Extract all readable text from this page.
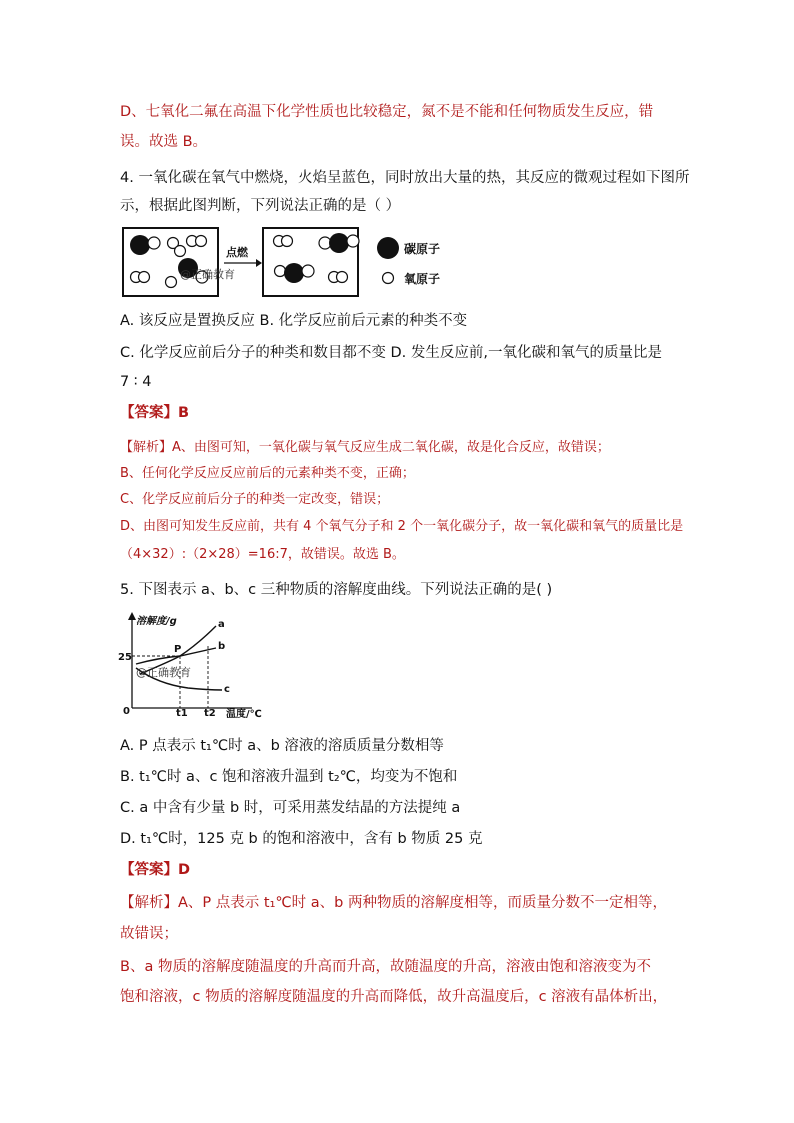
D、七氧化二氟在高温下化学性质也比较稳定，氮不是不能和任何物质发生反应，错
误。故选 B。
4. 一氧化碳在氧气中燃烧，火焰呈蓝色，同时放出大量的热，其反应的微观过程如下图所
示，根据此图判断，下列说法正确的是（ ）
点燃
@正确教育
碳原子
氧原子
A. 该反应是置换反应 B. 化学反应前后元素的种类不变
C. 化学反应前后分子的种类和数目都不变 D. 发生反应前,一氧化碳和氧气的质量比是
7 ∶ 4
【答案】B
【解析】A、由图可知，一氧化碳与氧气反应生成二氧化碳，故是化合反应，故错误；
B、任何化学反应反应前后的元素种类不变，正确；
C、化学反应前后分子的种类一定改变，错误；
D、由图可知发生反应前，共有 4 个氧气分子和 2 个一氧化碳分子，故一氧化碳和氧气的质量比是
（4×32）:（2×28）=16:7，故错误。故选 B。
5. 下图表示 a、b、c 三种物质的溶解度曲线。下列说法正确的是( )
溶解度/g
温度/℃
25
0	t1 t2
P
a
b
c
@正确教育
A. P 点表示 t₁℃时 a、b 溶液的溶质质量分数相等
B. t₁℃时 a、c 饱和溶液升温到 t₂℃，均变为不饱和
C. a 中含有少量 b 时，可采用蒸发结晶的方法提纯 a
D. t₁℃时，125 克 b 的饱和溶液中，含有 b 物质 25 克
【答案】D
【解析】A、P 点表示 t₁℃时 a、b 两种物质的溶解度相等，而质量分数不一定相等，
故错误；
B、a 物质的溶解度随温度的升高而升高，故随温度的升高，溶液由饱和溶液变为不
饱和溶液，c 物质的溶解度随温度的升高而降低，故升高温度后，c 溶液有晶体析出，
